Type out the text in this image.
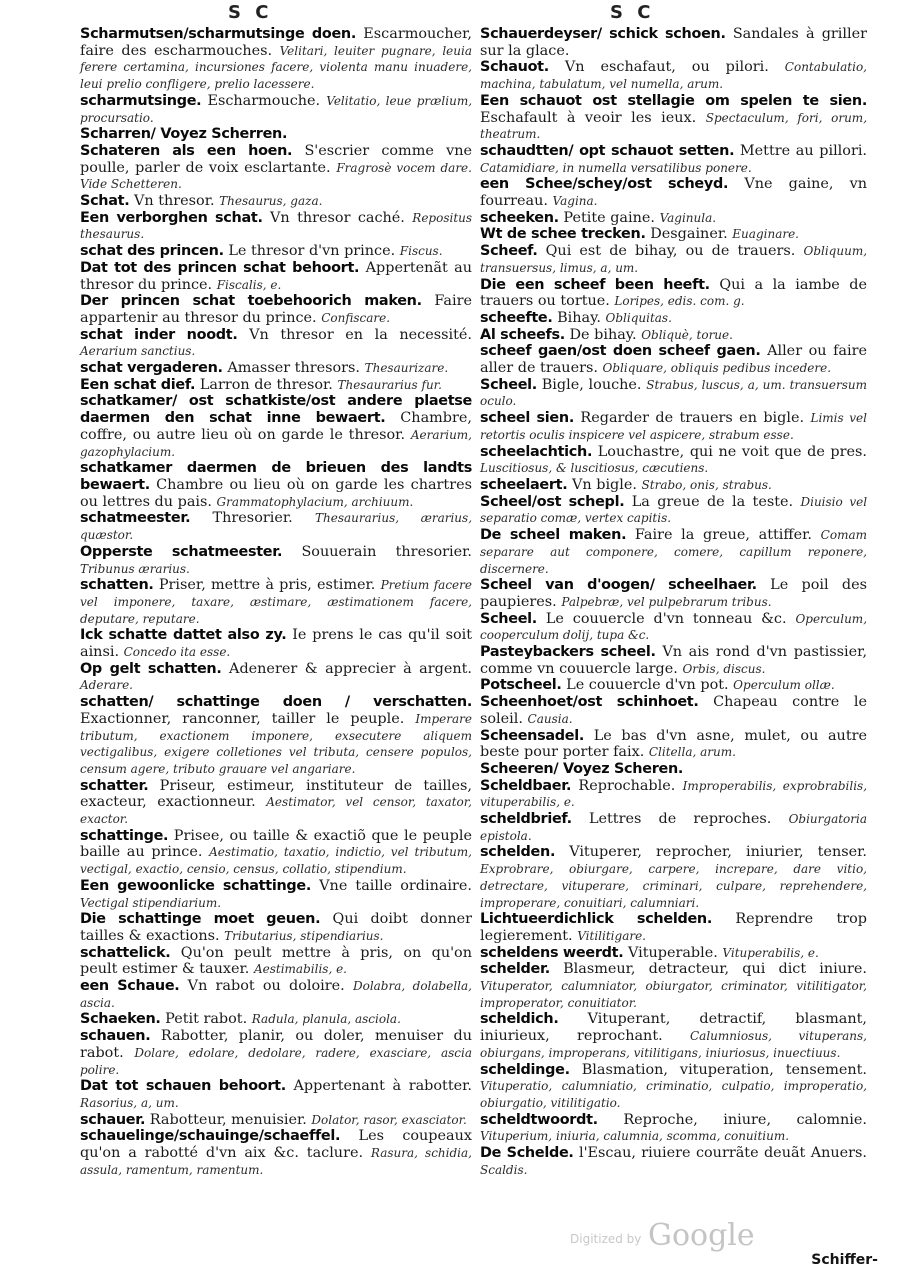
S C	S C

Scharmutsen/scharmutsinge doen. Escarmoucher, faire des escharmouches. Velitari, leuiter pugnare, leuia ferere certamina, incursiones facere, violenta manu inuadere, leui prelio confligere, prelio lacessere.

scharmutsinge. Escharmouche. Velitatio, leue prælium, procursatio.

Scharren/ Voyez Scherren.

Schateren als een hoen. S'escrier comme vne poulle, parler de voix esclartante. Fragrosè vocem dare. Vide Schetteren.

Schat. Vn thresor. Thesaurus, gaza.

Een verborghen schat. Vn thresor caché. Repositus thesaurus.

schat des princen. Le thresor d'vn prince. Fiscus.

Dat tot des princen schat behoort. Appertenãt au thresor du prince. Fiscalis, e.

Der princen schat toebehoorich maken. Faire appartenir au thresor du prince. Confiscare.

schat inder noodt. Vn thresor en la necessité. Aerarium sanctius.

schat vergaderen. Amasser thresors. Thesaurizare.

Een schat dief. Larron de thresor. Thesaurarius fur.

schatkamer/ ost schatkiste/ost andere plaetse daermen den schat inne bewaert. Chambre, coffre, ou autre lieu où on garde le thresor. Aerarium, gazophylacium.

schatkamer daermen de brieuen des landts bewaert. Chambre ou lieu où on garde les chartres ou lettres du pais. Grammatophylacium, archiuum.

schatmeester. Thresorier. Thesaurarius, ærarius, quæstor.

Opperste schatmeester. Souuerain thresorier. Tribunus ærarius.

schatten. Priser, mettre à pris, estimer. Pretium facere vel imponere, taxare, æstimare, æstimationem facere, deputare, reputare.

Ick schatte dattet also zy. Ie prens le cas qu'il soit ainsi. Concedo ita esse.

Op gelt schatten. Adenerer & apprecier à argent. Aderare.

schatten/ schattinge doen / verschatten. Exactionner, ranconner, tailler le peuple. Imperare tributum, exactionem imponere, exsecutere aliquem vectigalibus, exigere colletiones vel tributa, censere populos, censum agere, tributo grauare vel angariare.

schatter. Priseur, estimeur, instituteur de tailles, exacteur, exactionneur. Aestimator, vel censor, taxator, exactor.

schattinge. Prisee, ou taille & exactiõ que le peuple baille au prince. Aestimatio, taxatio, indictio, vel tributum, vectigal, exactio, censio, census, collatio, stipendium.

Een gewoonlicke schattinge. Vne taille ordinaire. Vectigal stipendiarium.

Die schattinge moet geuen. Qui doibt donner tailles & exactions. Tributarius, stipendiarius.

schattelick. Qu'on peult mettre à pris, on qu'on peult estimer & tauxer. Aestimabilis, e.

een Schaue. Vn rabot ou doloire. Dolabra, dolabella, ascia.

Schaeken. Petit rabot. Radula, planula, asciola.

schauen. Rabotter, planir, ou doler, menuiser du rabot. Dolare, edolare, dedolare, radere, exasciare, ascia polire.

Dat tot schauen behoort. Appertenant à rabotter. Rasorius, a, um.

schauer. Rabotteur, menuisier. Dolator, rasor, exasciator.

schauelinge/schauinge/schaeffel. Les coupeaux qu'on a rabotté d'vn aix &c. taclure. Rasura, schidia, assula, ramentum, ramentum.

Schauerdeyser/ schick schoen. Sandales à griller sur la glace.

Schauot. Vn eschafaut, ou pilori. Contabulatio, machina, tabulatum, vel numella, arum.

Een schauot ost stellagie om spelen te sien. Eschafault à veoir les ieux. Spectaculum, fori, orum, theatrum.

schaudtten/ opt schauot setten. Mettre au pillori. Catamidiare, in numella versatilibus ponere.

een Schee/schey/ost scheyd. Vne gaine, vn fourreau. Vagina.

scheeken. Petite gaine. Vaginula.

Wt de schee trecken. Desgainer. Euaginare.

Scheef. Qui est de bihay, ou de trauers. Obliquum, transuersus, limus, a, um.

Die een scheef been heeft. Qui a la iambe de trauers ou tortue. Loripes, edis. com. g.

scheefte. Bihay. Obliquitas.

Al scheefs. De bihay. Obliquè, torue.

scheef gaen/ost doen scheef gaen. Aller ou faire aller de trauers. Obliquare, obliquis pedibus incedere.

Scheel. Bigle, louche. Strabus, luscus, a, um. transuersum oculo.

scheel sien. Regarder de trauers en bigle. Limis vel retortis oculis inspicere vel aspicere, strabum esse.

scheelachtich. Louchastre, qui ne voit que de pres. Luscitiosus, & luscitiosus, cæcutiens.

scheelaert. Vn bigle. Strabo, onis, strabus.

Scheel/ost schepl. La greue de la teste. Diuisio vel separatio comæ, vertex capitis.

De scheel maken. Faire la greue, attiffer. Comam separare aut componere, comere, capillum reponere, discernere.

Scheel van d'oogen/ scheelhaer. Le poil des paupieres. Palpebræ, vel pulpebrarum tribus.

Scheel. Le couuercle d'vn tonneau &c. Operculum, cooperculum dolij, tupa &c.

Pasteybackers scheel. Vn ais rond d'vn pastissier, comme vn couuercle large. Orbis, discus.

Potscheel. Le couuercle d'vn pot. Operculum ollæ.

Scheenhoet/ost schinhoet. Chapeau contre le soleil. Causia.

Scheensadel. Le bas d'vn asne, mulet, ou autre beste pour porter faix. Clitella, arum.

Scheeren/ Voyez Scheren.

Scheldbaer. Reprochable. Improperabilis, exprobrabilis, vituperabilis, e.

scheldbrief. Lettres de reproches. Obiurgatoria epistola.

schelden. Vituperer, reprocher, iniurier, tenser. Exprobrare, obiurgare, carpere, increpare, dare vitio, detrectare, vituperare, criminari, culpare, reprehendere, improperare, conuitiari, calumniari.

Lichtueerdichlick schelden. Reprendre trop legierement. Vitilitigare.

scheldens weerdt. Vituperable. Vituperabilis, e.

schelder. Blasmeur, detracteur, qui dict iniure. Vituperator, calumniator, obiurgator, criminator, vitilitigator, improperator, conuitiator.

scheldich. Vituperant, detractif, blasmant, iniurieux, reprochant. Calumniosus, vituperans, obiurgans, improperans, vitilitigans, iniuriosus, inuectiuus.

scheldinge. Blasmation, vituperation, tensement. Vituperatio, calumniatio, criminatio, culpatio, improperatio, obiurgatio, vitilitigatio.

scheldtwoordt. Reproche, iniure, calomnie. Vituperium, iniuria, calumnia, scomma, conuitium.

De Schelde. l'Escau, riuiere courrãte deuãt Anuers. Scaldis.

Digitized by Google
Schiffer-
